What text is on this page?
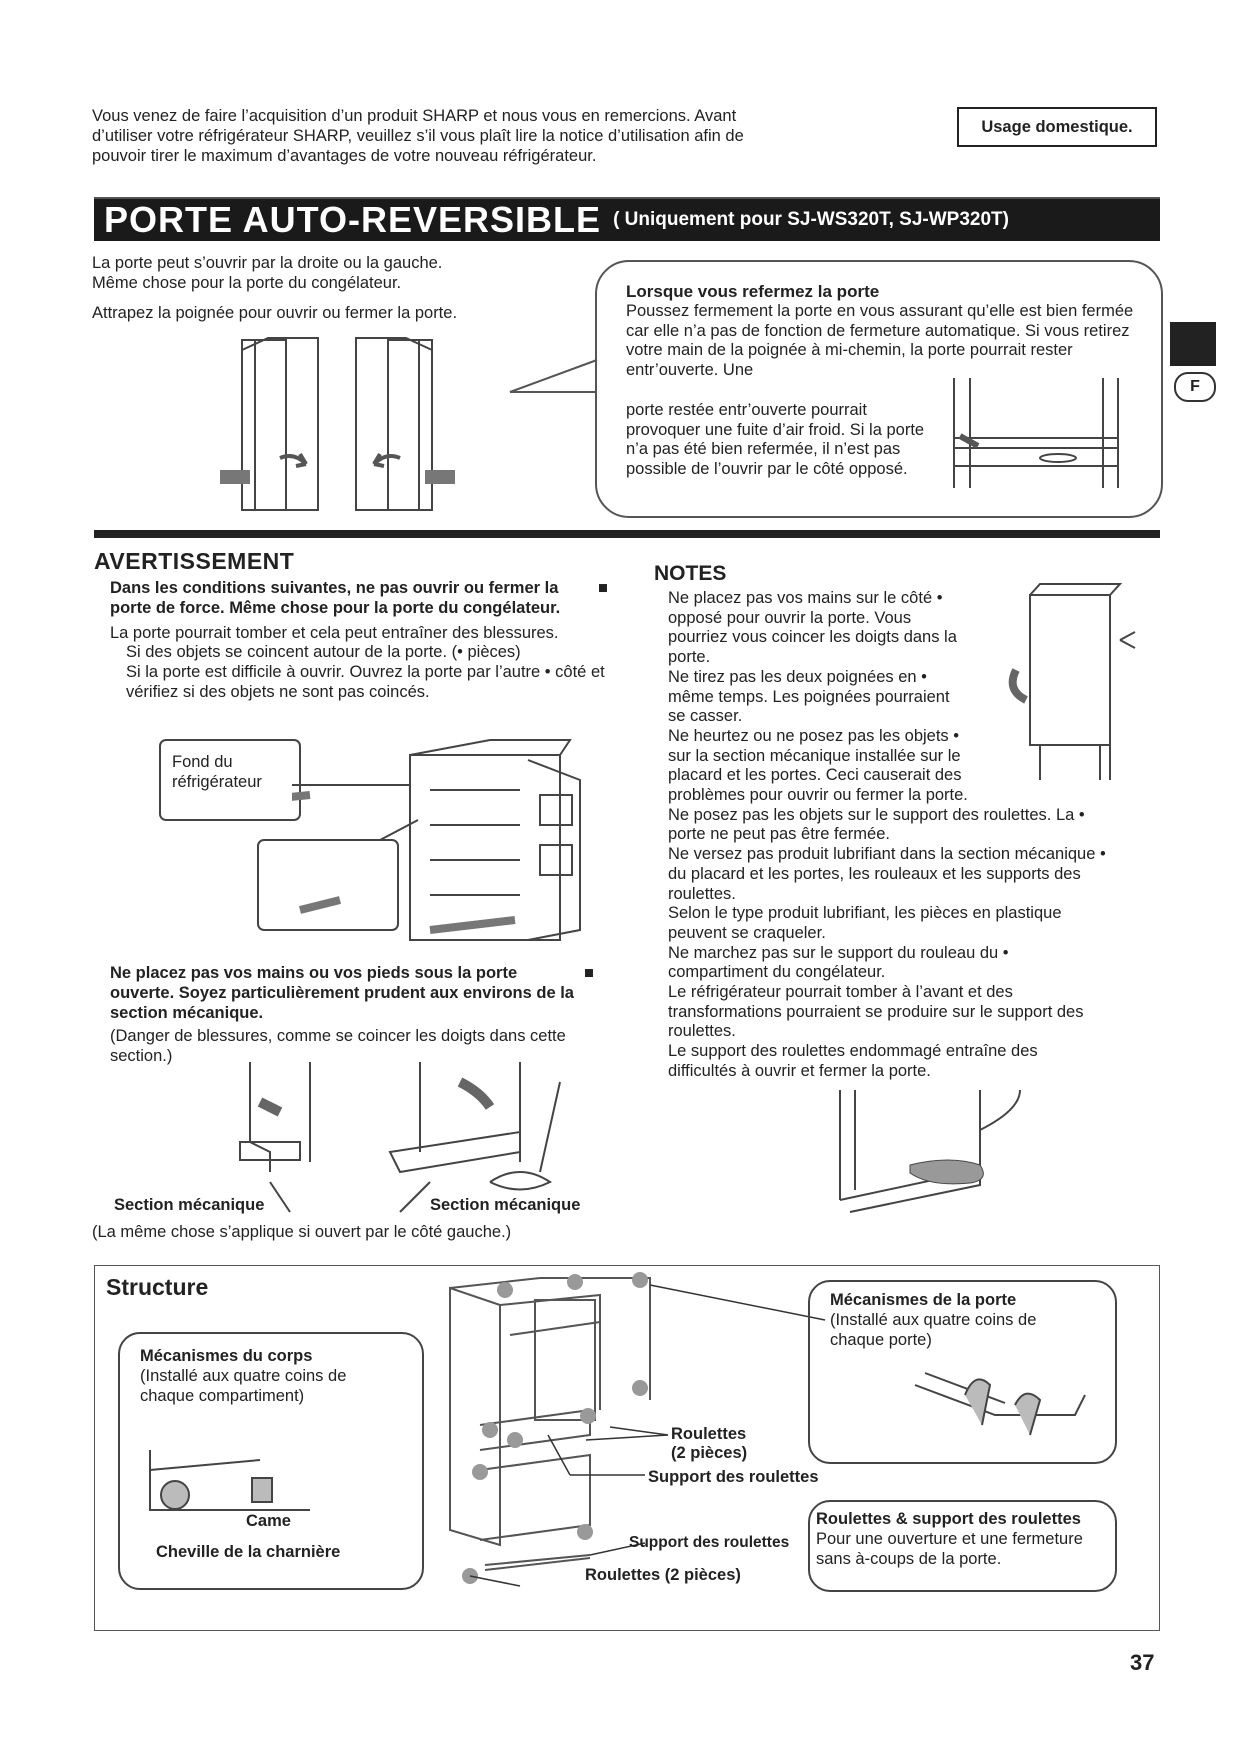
Vous venez de faire l’acquisition d’un produit SHARP et nous vous en remercions. Avant
d’utiliser votre réfrigérateur SHARP, veuillez s’il vous plaît lire la notice d’utilisation afin de
pouvoir tirer le maximum d’avantages de votre nouveau réfrigérateur.
Usage domestique.
PORTE AUTO-REVERSIBLE ( Uniquement pour SJ-WS320T, SJ-WP320T)
F
La porte peut s’ouvrir par la droite ou la gauche.
Même chose pour la porte du congélateur.
Attrapez la poignée pour ouvrir ou fermer la porte.
Lorsque vous refermez la porte
Poussez fermement la porte en vous assurant qu’elle est bien fermée car elle n’a pas de fonction de fermeture automatique. Si vous retirez votre main de la poignée à mi-chemin, la porte pourrait rester entr’ouverte. Une
porte restée entr’ouverte pourrait provoquer une fuite d’air froid. Si la porte n’a pas été bien refermée, il n’est pas possible de l’ouvrir par le côté opposé.
AVERTISSEMENT
Dans les conditions suivantes, ne pas ouvrir ou fermer la porte de force. Même chose pour la porte du congélateur.
■
La porte pourrait tomber et cela peut entraîner des blessures.
Si des objets se coincent autour de la porte. (• pièces)
Si la porte est difficile à ouvrir. Ouvrez la porte par l’autre • côté et vérifiez si des objets ne sont pas coincés.
Fond du réfrigérateur
Ne placez pas vos mains ou vos pieds sous la porte ouverte. Soyez particulièrement prudent aux environs de la section mécanique.
■
(Danger de blessures, comme se coincer les doigts dans cette section.)
Section mécanique	Section mécanique
(La même chose s’applique si ouvert par le côté gauche.)
NOTES
Ne placez pas vos mains sur le côté •
opposé pour ouvrir la porte. Vous
pourriez vous coincer les doigts dans la
porte.
Ne tirez pas les deux poignées en •
même temps. Les poignées pourraient
se casser.
Ne heurtez ou ne posez pas les objets •
sur la section mécanique installée sur le
placard et les portes. Ceci causerait des
problèmes pour ouvrir ou fermer la porte.
Ne posez pas les objets sur le support des roulettes. La •
porte ne peut pas être fermée.
Ne versez pas produit lubrifiant dans la section mécanique •
du placard et les portes, les rouleaux et les supports des
roulettes.
Selon le type produit lubrifiant, les pièces en plastique
peuvent se craqueler.
Ne marchez pas sur le support du rouleau du •
compartiment du congélateur.
Le réfrigérateur pourrait tomber à l’avant et des
transformations pourraient se produire sur le support des
roulettes.
Le support des roulettes endommagé entraîne des
difficultés à ouvrir et fermer la porte.
Structure
Mécanismes du corps
(Installé aux quatre coins de chaque compartiment)
Came
Cheville de la charnière
Roulettes
(2 pièces)
Support des roulettes
Support des roulettes
Roulettes (2 pièces)
Mécanismes de la porte
(Installé aux quatre coins de chaque porte)
Roulettes & support des roulettes
Pour une ouverture et une fermeture sans à-coups de la porte.
37
